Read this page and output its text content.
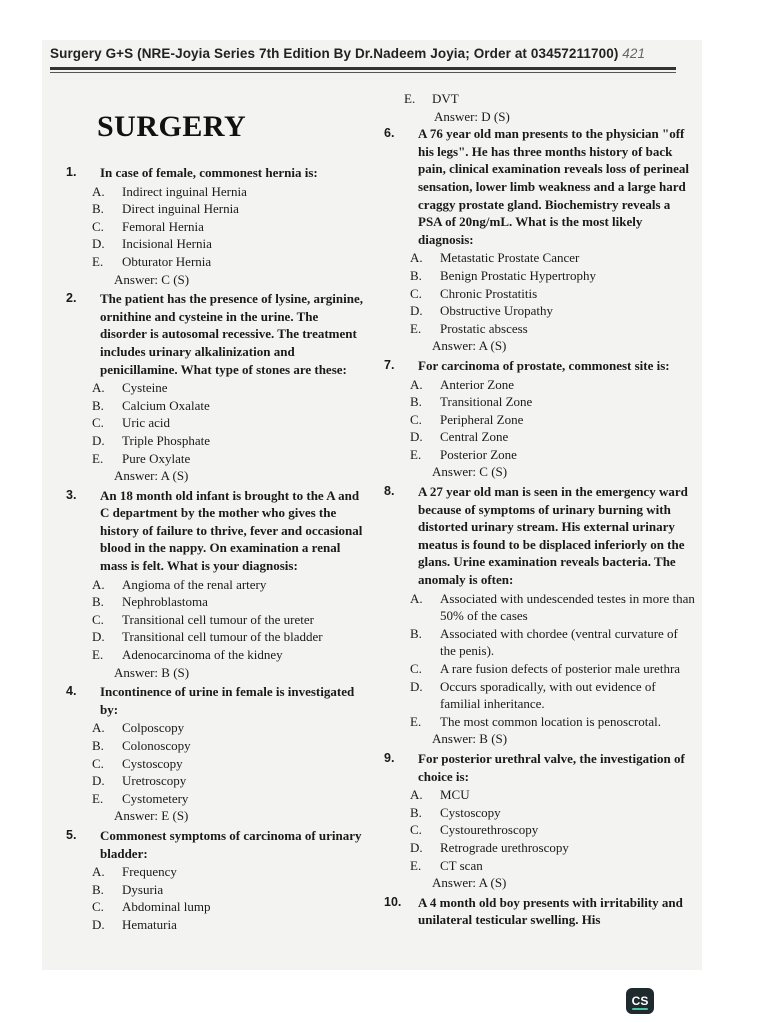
Surgery G+S (NRE-Joyia Series 7th Edition By Dr.Nadeem Joyia; Order at 03457211700) 421
SURGERY
1. In case of female, commonest hernia is:
A.	Indirect inguinal Hernia
B.	Direct inguinal Hernia
C.	Femoral Hernia
D.	Incisional Hernia
E.	Obturator Hernia
Answer: C (S)
2. The patient has the presence of lysine, arginine, ornithine and cysteine in the urine. The disorder is autosomal recessive. The treatment includes urinary alkalinization and penicillamine. What type of stones are these:
A.	Cysteine
B.	Calcium Oxalate
C.	Uric acid
D.	Triple Phosphate
E.	Pure Oxylate
Answer: A (S)
3. An 18 month old infant is brought to the A and C department by the mother who gives the history of failure to thrive, fever and occasional blood in the nappy. On examination a renal mass is felt. What is your diagnosis:
A.	Angioma of the renal artery
B.	Nephroblastoma
C.	Transitional cell tumour of the ureter
D.	Transitional cell tumour of the bladder
E.	Adenocarcinoma of the kidney
Answer: B (S)
4. Incontinence of urine in female is investigated by:
A.	Colposcopy
B.	Colonoscopy
C.	Cystoscopy
D.	Uretroscopy
E.	Cystometery
Answer: E (S)
5. Commonest symptoms of carcinoma of urinary bladder:
A.	Frequency
B.	Dysuria
C.	Abdominal lump
D.	Hematuria
E.	DVT
Answer: D (S)
6. A 76 year old man presents to the physician "off his legs". He has three months history of back pain, clinical examination reveals loss of perineal sensation, lower limb weakness and a large hard craggy prostate gland. Biochemistry reveals a PSA of 20ng/mL. What is the most likely diagnosis:
A.	Metastatic Prostate Cancer
B.	Benign Prostatic Hypertrophy
C.	Chronic Prostatitis
D.	Obstructive Uropathy
E.	Prostatic abscess
Answer: A (S)
7. For carcinoma of prostate, commonest site is:
A.	Anterior Zone
B.	Transitional Zone
C.	Peripheral Zone
D.	Central Zone
E.	Posterior Zone
Answer: C (S)
8. A 27 year old man is seen in the emergency ward because of symptoms of urinary burning with distorted urinary stream. His external urinary meatus is found to be displaced inferiorly on the glans. Urine examination reveals bacteria. The anomaly is often:
A.	Associated with undescended testes in more than 50% of the cases
B.	Associated with chordee (ventral curvature of the penis).
C.	A rare fusion defects of posterior male urethra
D.	Occurs sporadically, with out evidence of familial inheritance.
E.	The most common location is penoscrotal.
Answer: B (S)
9. For posterior urethral valve, the investigation of choice is:
A.	MCU
B.	Cystoscopy
C.	Cystourethroscopy
D.	Retrograde urethroscopy
E.	CT scan
Answer: A (S)
10. A 4 month old boy presents with irritability and unilateral testicular swelling. His
CS
